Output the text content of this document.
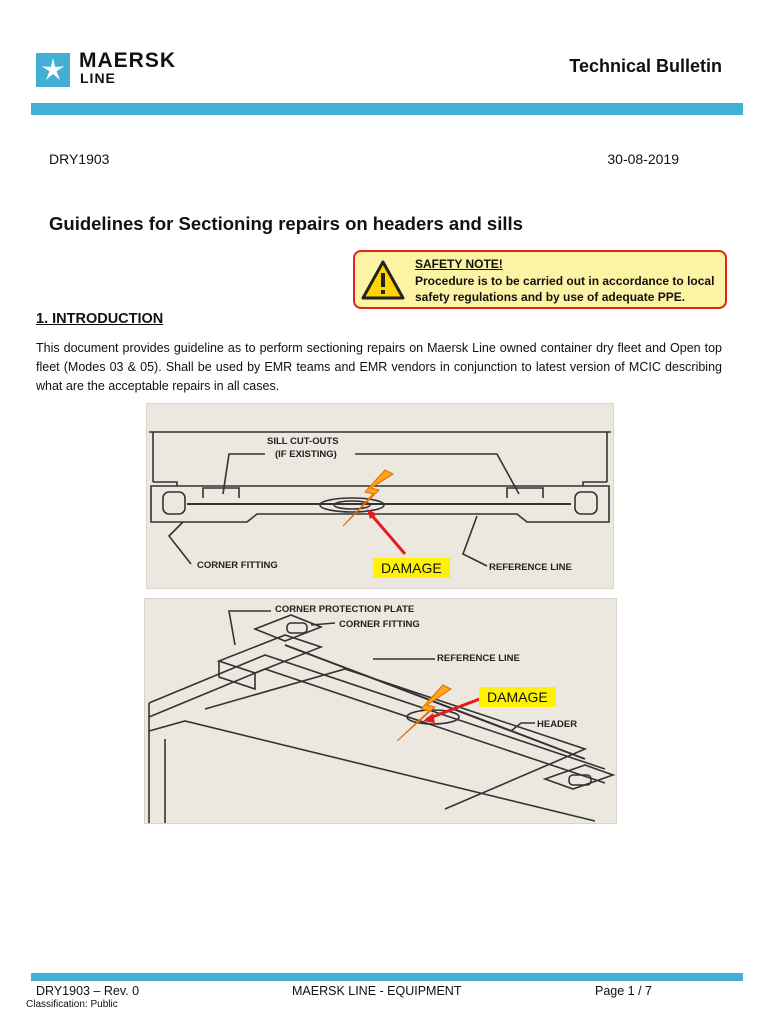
MAERSK
LINE
Technical Bulletin
DRY1903	30-08-2019
Guidelines for Sectioning repairs on headers and sills
SAFETY NOTE!
Procedure is to be carried out in accordance to local safety regulations and by use of adequate PPE.
1. INTRODUCTION
This document provides guideline as to perform sectioning repairs on Maersk Line owned container dry fleet and Open top fleet (Modes 03 & 05). Shall be used by EMR teams and EMR vendors in conjunction to latest version of MCIC describing what are the acceptable repairs in all cases.
SILL CUT-OUTS
(IF EXISTING)
CORNER FITTING	REFERENCE LINE
DAMAGE
CORNER PROTECTION PLATE
CORNER FITTING
REFERENCE LINE
HEADER
DAMAGE
DRY1903 – Rev. 0	MAERSK LINE - EQUIPMENT	Page 1 / 7
Classification: Public
